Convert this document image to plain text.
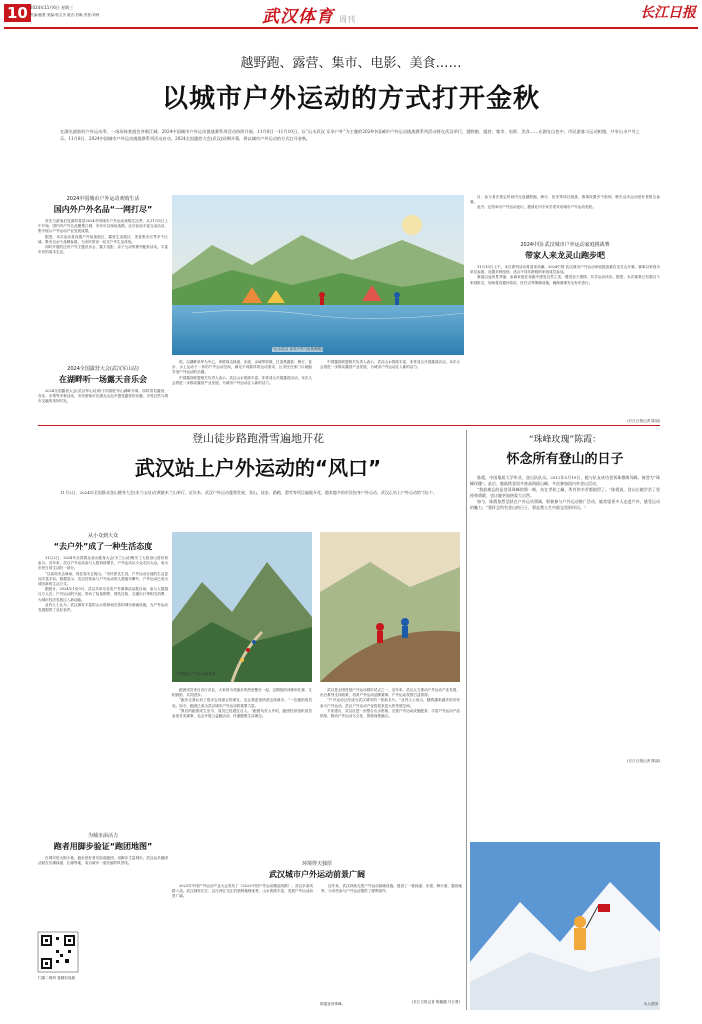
10 2024年11月6日 星期三
责编:鲍萧 美编:郭文杰 版式:旧晚 责校:刘炜	武汉体育 周刊	长江日报
越野跑、露营、集市、电影、美食……
以城市户外运动的方式打开金秋
在湖光波影的户外运动季，一场场体育盛会齐聚江城，2024中国城市户外运动挑战赛系列活动持续开展。11月8日一11月10日，以“山水武汉 乐享户外”为主题的2024中国城市户外运动挑战赛系列活动将在武汉举行，越野跑、露营、集市、电影、美食……在湖光山色中，市民游客与运动相遇，共享山水户外之乐。11月8日，2024中国城市户外运动挑战赛系列活动启动，2024全国露营大会(武汉)同期开幕，将以城市户外运动的方式打开金秋。
2024中国城市户外运动欢购生活
国内外户外名品“一网打尽”

首先与游客们见面的将是2024中国城市户外运动欢购生活季，从11月8日上午开始，国内外户外名品聚集江城，市民可以现场选购，还可参加丰富互动活动，集中展示户外运动产业发展成果。

据悉，本次活动将设置户外装备展区、露营生活展区、美食集市区等多个区域，吸引百余个品牌参展，为市民带来一站式户外生活体验。

同时开展的还有户外主题音乐会、露天电影、亲子互动等系列配套活动，丰富市民的周末生活。

2024全国露营大会(武汉军山站)
在湖畔听一场露天音乐会

2024全国露营大会(武汉军山站)将于同期在军山湖畔开幕，届时将有露营、音乐、市集等多种活动，市民游客可在湖光山色中感受露营的乐趣，享受自然与城市交融的美好时光。

“山水武汉 乐享户外”(宣传海报)

现，以湖畔草坪为中心，串联周边绿道、步道、水域等资源，打造集露营、骑行、徒步、水上运动于一体的户外运动空间，满足不同群体的运动需求，让市民在家门口就能享受户外运动的乐趣。

中国露营联盟相关负责人表示，武汉山水资源丰富，非常适合开展露营活动，本次大会将进一步推动露营产业发展，为城市户外运动注入新的活力。

中国露营联盟相关负责人表示，武汉山水资源丰富，非常适合开展露营活动，本次大会将进一步推动露营产业发展，为城市户外运动注入新的活力。

目，参与者在规定时间内完成越野跑、骑行、徒步等项目挑战，赛事设置多个组别，吸引众多运动爱好者报名参赛。

此外，还将举办户外运动论坛，邀请业内专家学者共话城市户外运动发展。

2024中国·武汉城市户外运动家庭挑战赛
带家人来龙灵山跑步吧

11月10日上午，本次系列活动将迎来高潮。2024中国·武汉城市户外运动家庭挑战赛在龙灵山开赛，赛事以家庭为单位参赛，设置多种组别，适合不同年龄段的家庭成员参加。

赛道沿途风景秀丽，参赛家庭在奔跑中感受自然之美，增进亲子感情，共享运动快乐。据悉，本次赛事已有数百个家庭报名，现场将设置补给站、医疗点等保障设施，确保赛事安全有序进行。

(长江日报记者 陈丽)
登山徒步路跑滑雪遍地开花
武汉站上户外运动的“风口”
11月2日，2024年全国群众登山健身大会(木兰山站)在黄陂木兰山举行。近年来，武汉户外运动蓬勃发展，登山、徒步、路跑、滑雪等项目遍地开花，越来越多的市民投身户外运动，武汉正站上户外运动的“风口”。
从小众到大众
“去户外”成了一种生活态度

11月2日，2024年全国群众登山健身大会(木兰山站)吸引了大批登山爱好者参与。近年来，武汉户外运动参与人数持续增长，户外运动从小众走向大众，成为市民日常生活的一部分。

“以前周末去商场，现在周末去爬山。”市民张先生说，户外运动让他的生活更加丰富多彩。数据显示，武汉经常参与户外运动的人数逐年攀升，户外运动已成为城市新的生活方式。

据统计，2024年1至9月，武汉共举办各类户外赛事活动数百场，参与人数超百万人次。户外运动的兴起，带动了装备销售、餐饮住宿、交通出行等相关消费，为城市经济发展注入新动能。

业内人士认为，武汉拥有丰富的山水资源和完善的城市基础设施，为户外运动发展提供了良好条件。

为城市添活力
跑者用脚步验证“跑团地图”

在城市的大街小巷，跑步爱好者们组成跑团，用脚步丈量城市。武汉众多跑团活跃在东湖绿道、江滩等地，成为城市一道亮丽的风景线。

扫描二维码 看精彩视频
中国城市户外运动海报图

跑团成员来自各行各业，大家因为对跑步的热爱聚在一起，定期组织训练和比赛，互相鼓励，共同进步。

“跑步让我认识了很多志同道合的朋友，也让我更加热爱这座城市。”一位跑团成员说。如今，跑团已成为武汉城市户外运动的重要力量。

“我们的跑团成立至今，成员已经超过百人。”跑团负责人介绍，跑团经常组织成员参加各类赛事，也会开展公益跑活动，传递健康生活理念。

环境得天独厚
武汉城市户外运动前景广阔

2023年中国户外运动产业大会发布了《2023中国户外运动精品线路》，武汉多条线路入选。武汉拥有长江、汉江两江交汇的独特地理优势，山水资源丰富，发展户外运动前景广阔。

近年来，武汉持续完善户外运动基础设施，建设了一批绿道、步道、骑行道、露营地等，为市民参与户外运动提供了便利条件。

武汉是全国首批户外运动城市试点之一，近年来，武汉大力推动户外运动产业发展，出台系列支持政策，培育户外运动品牌赛事，户外运动氛围日益浓厚。

“户外运动已经成为武汉城市的一张新名片。”业内人士表示，随着越来越多的市民参与户外运动，武汉户外运动产业将迎来更大的发展空间。

专家建议，武汉应进一步整合山水资源，完善户外运动设施配套，丰富户外运动产品供给，推动户外运动与文化、旅游深度融合。

(长江日报记者 陈璐璐 马万勇)
“珠峰玫瑰”陈霞：
怀念所有登山的日子

陈霞，中国地质大学毕业，登山队队员。2012年5月19日，她与队友成功登顶珠穆朗玛峰，被誉为“珠峰玫瑰”。此后，她陆续登顶多座高海拔山峰，多次参加国内外登山活动。

“我最难忘的是登顶珠峰的那一刻，站在世界之巅，所有的辛苦都值得了。”陈霞说，登山让她学会了坚持和勇敢，也让她更加热爱大自然。

如今，陈霞依然活跃在户外运动领域，积极参与户外运动推广活动，她希望更多人走进户外，感受运动的魅力。“我怀念所有登山的日子，那是我人生中最宝贵的经历。”

(长江日报记者 陈丽)
陈霞登顶珠峰。	本人供图
